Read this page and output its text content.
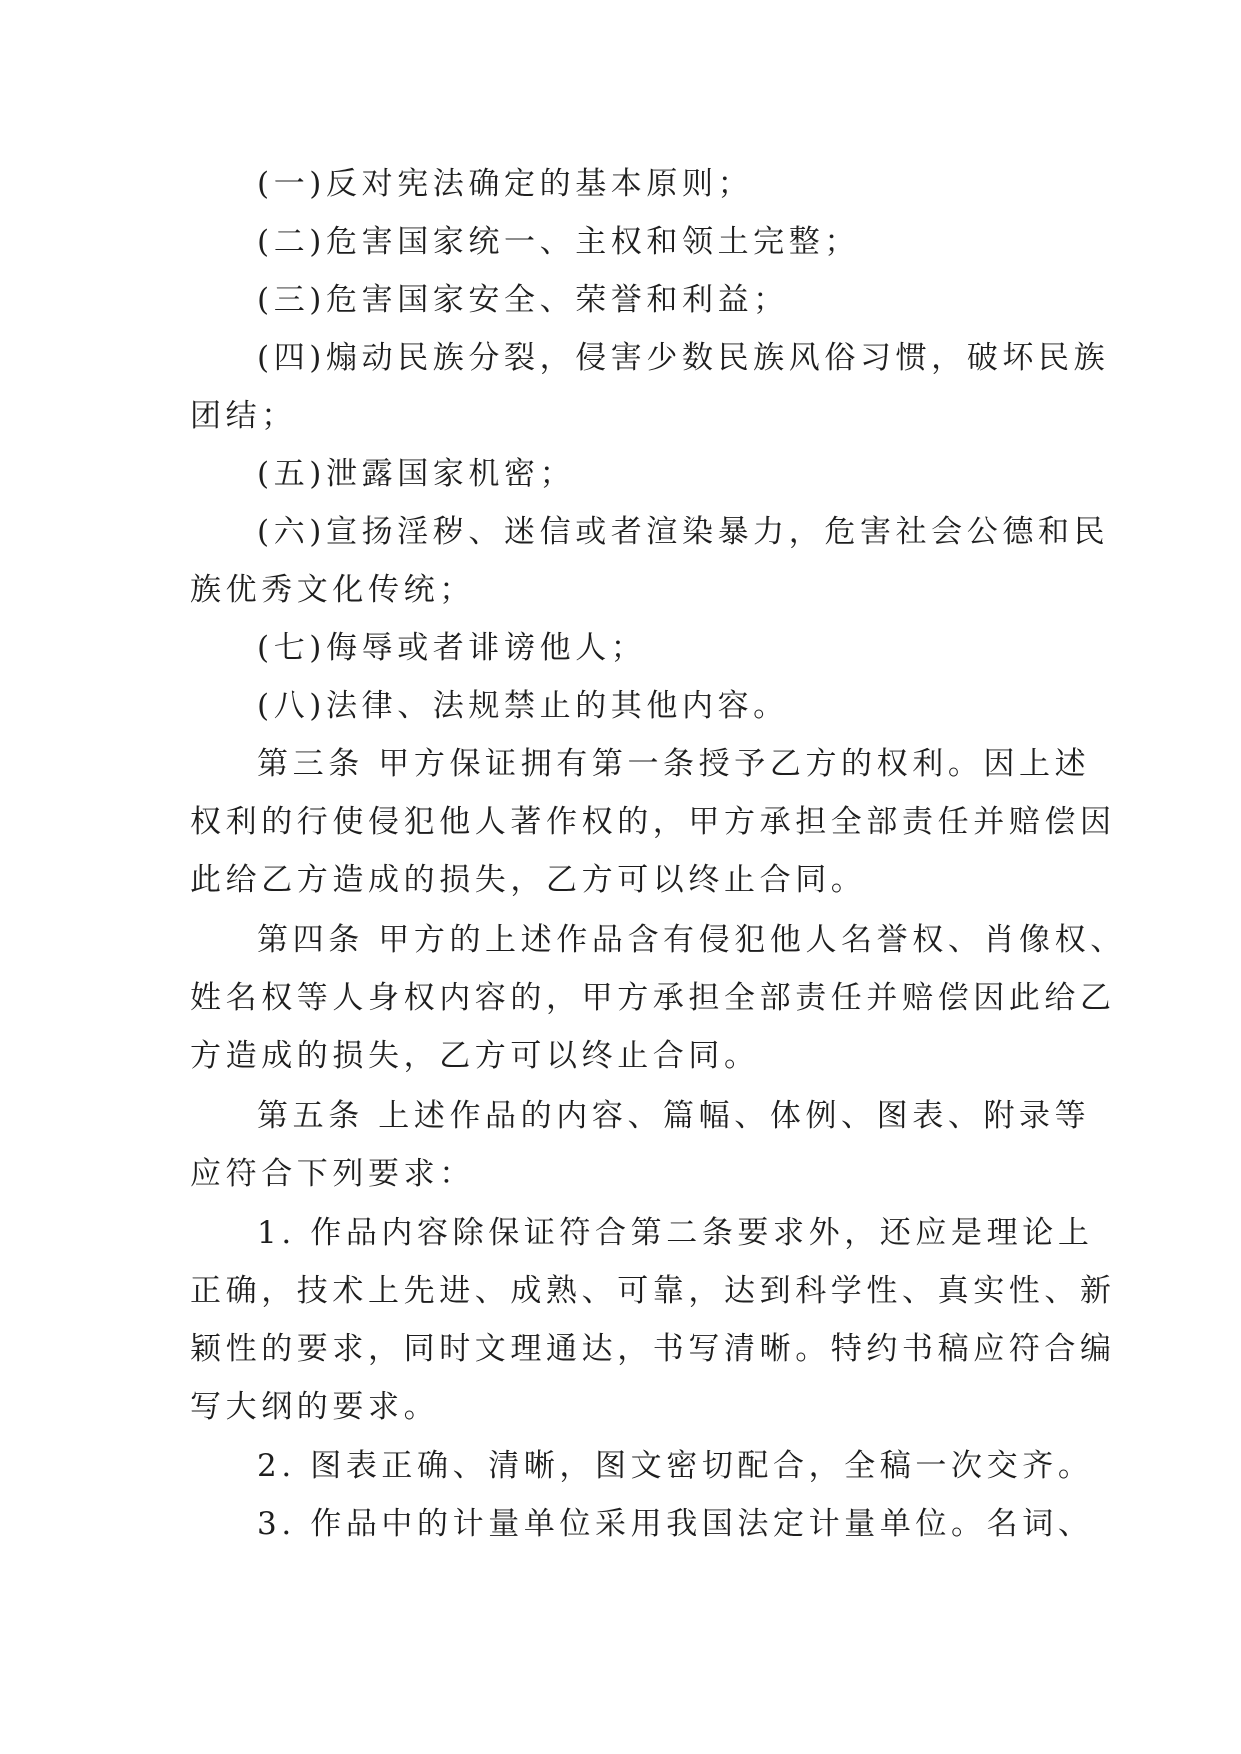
(一)反对宪法确定的基本原则；
(二)危害国家统一、主权和领土完整；
(三)危害国家安全、荣誉和利益；
(四)煽动民族分裂，侵害少数民族风俗习惯，破坏民族
团结；
(五)泄露国家机密；
(六)宣扬淫秽、迷信或者渲染暴力，危害社会公德和民
族优秀文化传统；
(七)侮辱或者诽谤他人；
(八)法律、法规禁止的其他内容。
第三条 甲方保证拥有第一条授予乙方的权利。因上述
权利的行使侵犯他人著作权的，甲方承担全部责任并赔偿因
此给乙方造成的损失，乙方可以终止合同。
第四条 甲方的上述作品含有侵犯他人名誉权、肖像权、
姓名权等人身权内容的，甲方承担全部责任并赔偿因此给乙
方造成的损失，乙方可以终止合同。
第五条 上述作品的内容、篇幅、体例、图表、附录等
应符合下列要求：
1. 作品内容除保证符合第二条要求外，还应是理论上
正确，技术上先进、成熟、可靠，达到科学性、真实性、新
颖性的要求，同时文理通达，书写清晰。特约书稿应符合编
写大纲的要求。
2. 图表正确、清晰，图文密切配合，全稿一次交齐。
3. 作品中的计量单位采用我国法定计量单位。名词、
